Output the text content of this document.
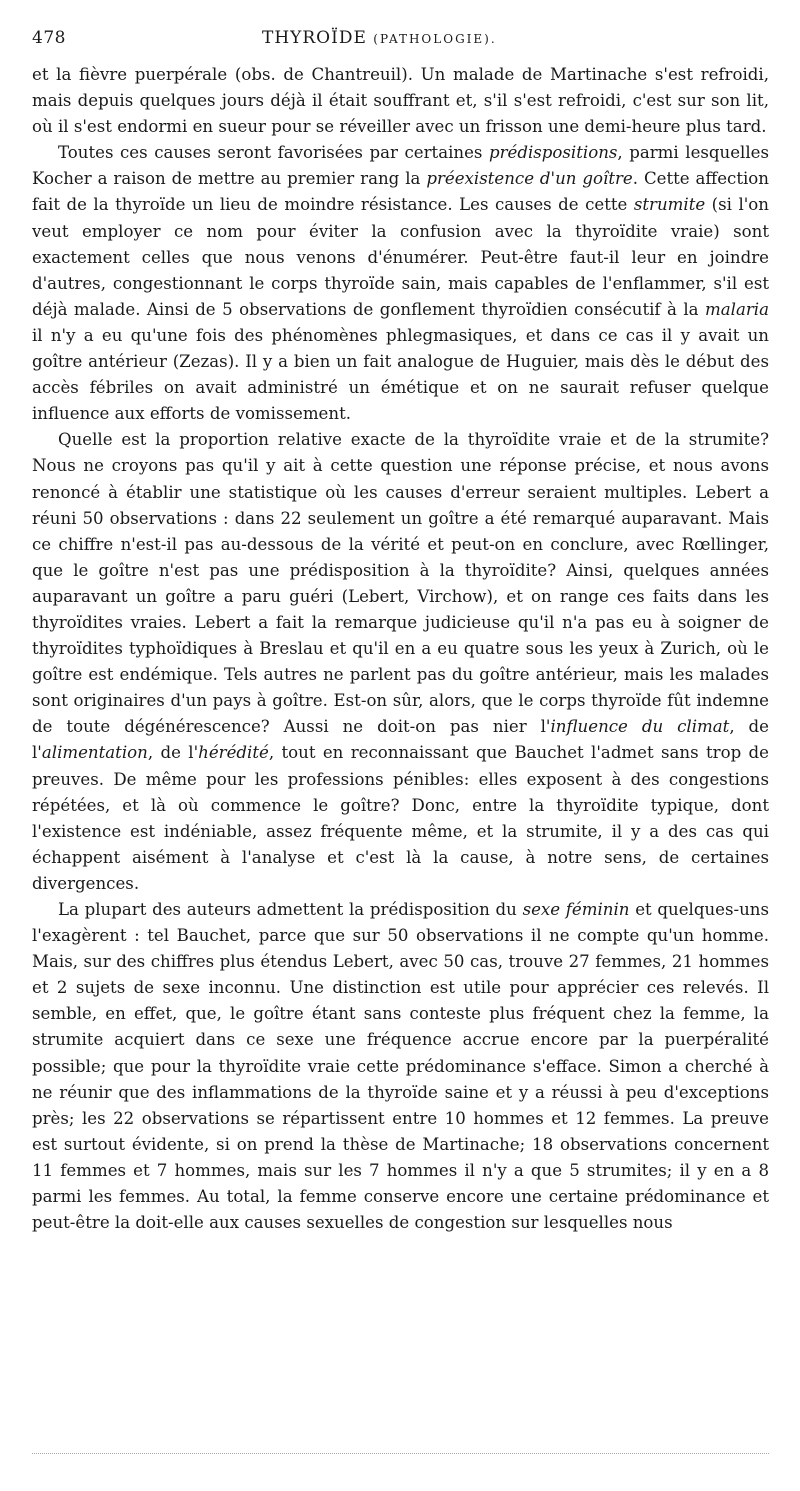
478	THYROÏDE (PATHOLOGIE).

et la fièvre puerpérale (obs. de Chantreuil). Un malade de Martinache s'est refroidi, mais depuis quelques jours déjà il était souffrant et, s'il s'est refroidi, c'est sur son lit, où il s'est endormi en sueur pour se réveiller avec un frisson une demi-heure plus tard.

Toutes ces causes seront favorisées par certaines prédispositions, parmi lesquelles Kocher a raison de mettre au premier rang la préexistence d'un goître. Cette affection fait de la thyroïde un lieu de moindre résistance. Les causes de cette strumite (si l'on veut employer ce nom pour éviter la confusion avec la thyroïdite vraie) sont exactement celles que nous venons d'énumérer. Peut-être faut-il leur en joindre d'autres, congestionnant le corps thyroïde sain, mais capables de l'enflammer, s'il est déjà malade. Ainsi de 5 observations de gonflement thyroïdien consécutif à la malaria il n'y a eu qu'une fois des phénomènes phlegmasiques, et dans ce cas il y avait un goître antérieur (Zezas). Il y a bien un fait analogue de Huguier, mais dès le début des accès fébriles on avait administré un émétique et on ne saurait refuser quelque influence aux efforts de vomissement.

Quelle est la proportion relative exacte de la thyroïdite vraie et de la strumite? Nous ne croyons pas qu'il y ait à cette question une réponse précise, et nous avons renoncé à établir une statistique où les causes d'erreur seraient multiples. Lebert a réuni 50 observations : dans 22 seulement un goître a été remarqué auparavant. Mais ce chiffre n'est-il pas au-dessous de la vérité et peut-on en conclure, avec Rœllinger, que le goître n'est pas une prédisposition à la thyroïdite? Ainsi, quelques années auparavant un goître a paru guéri (Lebert, Virchow), et on range ces faits dans les thyroïdites vraies. Lebert a fait la remarque judicieuse qu'il n'a pas eu à soigner de thyroïdites typhoïdiques à Breslau et qu'il en a eu quatre sous les yeux à Zurich, où le goître est endémique. Tels autres ne parlent pas du goître antérieur, mais les malades sont originaires d'un pays à goître. Est-on sûr, alors, que le corps thyroïde fût indemne de toute dégénérescence? Aussi ne doit-on pas nier l'influence du climat, de l'alimentation, de l'hérédité, tout en reconnaissant que Bauchet l'admet sans trop de preuves. De même pour les professions pénibles: elles exposent à des congestions répétées, et là où commence le goître? Donc, entre la thyroïdite typique, dont l'existence est indéniable, assez fréquente même, et la strumite, il y a des cas qui échappent aisément à l'analyse et c'est là la cause, à notre sens, de certaines divergences.

La plupart des auteurs admettent la prédisposition du sexe féminin et quelques-uns l'exagèrent : tel Bauchet, parce que sur 50 observations il ne compte qu'un homme. Mais, sur des chiffres plus étendus Lebert, avec 50 cas, trouve 27 femmes, 21 hommes et 2 sujets de sexe inconnu. Une distinction est utile pour apprécier ces relevés. Il semble, en effet, que, le goître étant sans conteste plus fréquent chez la femme, la strumite acquiert dans ce sexe une fréquence accrue encore par la puerpéralité possible; que pour la thyroïdite vraie cette prédominance s'efface. Simon a cherché à ne réunir que des inflammations de la thyroïde saine et y a réussi à peu d'exceptions près; les 22 observations se répartissent entre 10 hommes et 12 femmes. La preuve est surtout évidente, si on prend la thèse de Martinache; 18 observations concernent 11 femmes et 7 hommes, mais sur les 7 hommes il n'y a que 5 strumites; il y en a 8 parmi les femmes. Au total, la femme conserve encore une certaine prédominance et peut-être la doit-elle aux causes sexuelles de congestion sur lesquelles nous
